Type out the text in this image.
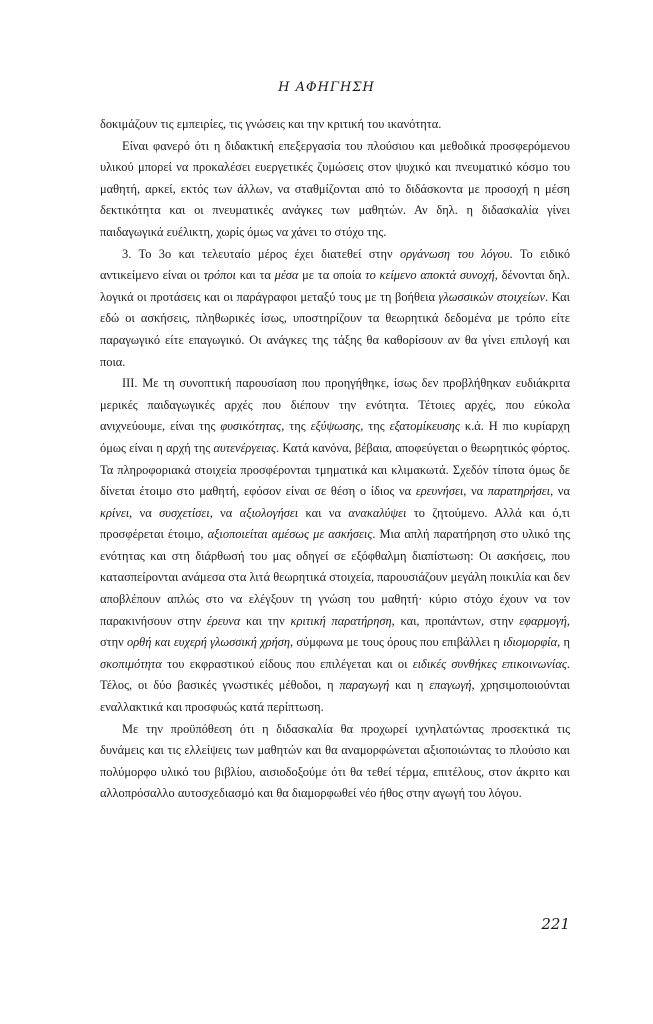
Η ΑΦΗΓΗΣΗ

δοκιμάζουν τις εμπειρίες, τις γνώσεις και την κριτική του ικανότητα.

Είναι φανερό ότι η διδακτική επεξεργασία του πλούσιου και μεθοδικά προσφερόμενου υλικού μπορεί να προκαλέσει ευεργετικές ζυμώσεις στον ψυχικό και πνευματικό κόσμο του μαθητή, αρκεί, εκτός των άλλων, να σταθμίζονται από το διδάσκοντα με προσοχή η μέση δεκτικότητα και οι πνευματικές ανάγκες των μαθητών. Αν δηλ. η διδασκαλία γίνει παιδαγωγικά ευέλικτη, χωρίς όμως να χάνει το στόχο της.

3. Το 3ο και τελευταίο μέρος έχει διατεθεί στην οργάνωση του λόγου. Το ειδικό αντικείμενο είναι οι τρόποι και τα μέσα με τα οποία το κείμενο αποκτά συνοχή, δένονται δηλ. λογικά οι προτάσεις και οι παράγραφοι μεταξύ τους με τη βοήθεια γλωσσικών στοιχείων. Και εδώ οι ασκήσεις, πληθωρικές ίσως, υποστηρίζουν τα θεωρητικά δεδομένα με τρόπο είτε παραγωγικό είτε επαγωγικό. Οι ανάγκες της τάξης θα καθορίσουν αν θα γίνει επιλογή και ποια.

ΙΙΙ. Με τη συνοπτική παρουσίαση που προηγήθηκε, ίσως δεν προβλήθηκαν ευδιάκριτα μερικές παιδαγωγικές αρχές που διέπουν την ενότητα. Τέτοιες αρχές, που εύκολα ανιχνεύουμε, είναι της φυσικότητας, της εξύψωσης, της εξατομίκευσης κ.ά. Η πιο κυρίαρχη όμως είναι η αρχή της αυτενέργειας. Κατά κανόνα, βέβαια, αποφεύγεται ο θεωρητικός φόρτος. Τα πληροφοριακά στοιχεία προσφέρονται τμηματικά και κλιμακωτά. Σχεδόν τίποτα όμως δε δίνεται έτοιμο στο μαθητή, εφόσον είναι σε θέση ο ίδιος να ερευνήσει, να παρατηρήσει, να κρίνει, να συσχετίσει, να αξιολογήσει και να ανακαλύψει το ζητούμενο. Αλλά και ό,τι προσφέρεται έτοιμο, αξιοποιείται αμέσως με ασκήσεις. Μια απλή παρατήρηση στο υλικό της ενότητας και στη διάρθωσή του μας οδηγεί σε εξόφθαλμη διαπίστωση: Οι ασκήσεις, που κατασπείρονται ανάμεσα στα λιτά θεωρητικά στοιχεία, παρουσιάζουν μεγάλη ποικιλία και δεν αποβλέπουν απλώς στο να ελέγξουν τη γνώση του μαθητή· κύριο στόχο έχουν να τον παρακινήσουν στην έρευνα και την κριτική παρατήρηση, και, προπάντων, στην εφαρμογή, στην ορθή και ευχερή γλωσσική χρήση, σύμφωνα με τους όρους που επιβάλλει η ιδιομορφία, η σκοπιμότητα του εκφραστικού είδους που επιλέγεται και οι ειδικές συνθήκες επικοινωνίας. Τέλος, οι δύο βασικές γνωστικές μέθοδοι, η παραγωγή και η επαγωγή, χρησιμοποιούνται εναλλακτικά και προσφυώς κατά περίπτωση.

Με την προϋπόθεση ότι η διδασκαλία θα προχωρεί ιχνηλατώντας προσεκτικά τις δυνάμεις και τις ελλείψεις των μαθητών και θα αναμορφώνεται αξιοποιώντας το πλούσιο και πολύμορφο υλικό του βιβλίου, αισιοδοξούμε ότι θα τεθεί τέρμα, επιτέλους, στον άκριτο και αλλοπρόσαλλο αυτοσχεδιασμό και θα διαμορφωθεί νέο ήθος στην αγωγή του λόγου.

221
